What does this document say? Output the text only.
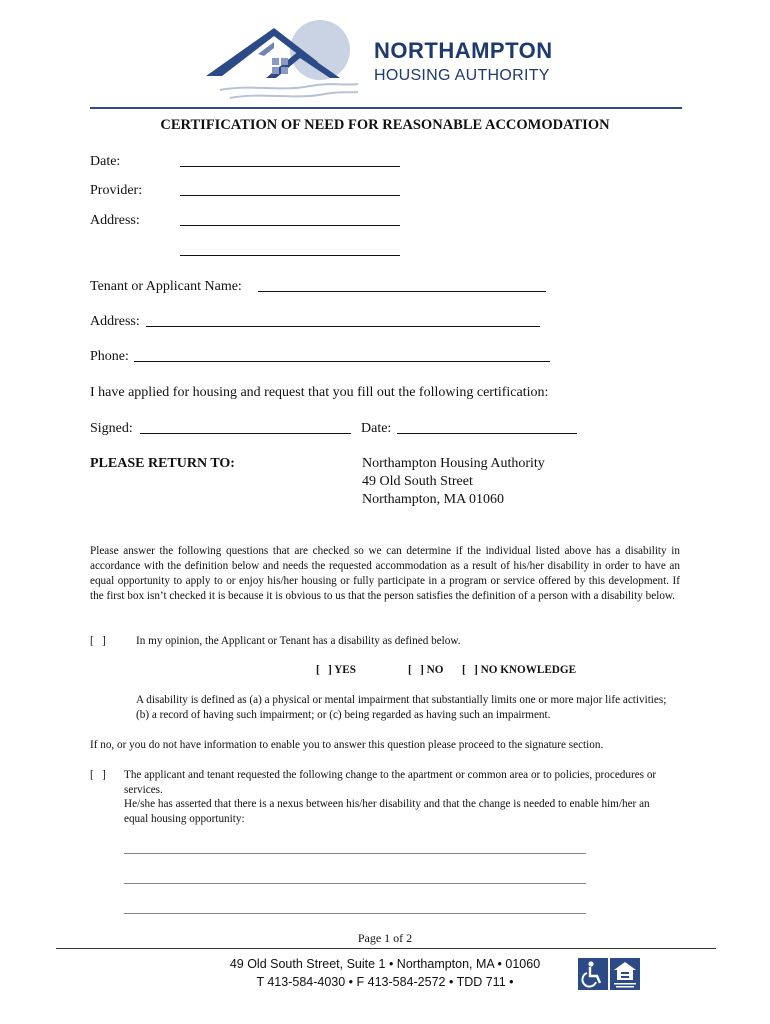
NORTHAMPTON
HOUSING AUTHORITY
CERTIFICATION OF NEED FOR REASONABLE ACCOMODATION
Date:
Provider:
Address:
Tenant or Applicant Name:
Address:
Phone:
I have applied for housing and request that you fill out the following certification:
Signed:	Date:
PLEASE RETURN TO:	Northampton Housing Authority
49 Old South Street
Northampton, MA 01060
Please answer the following questions that are checked so we can determine if the individual listed above has a disability in accordance with the definition below and needs the requested accommodation as a result of his/her disability in order to have an equal opportunity to apply to or enjoy his/her housing or fully participate in a program or service offered by this development. If the first box isn’t checked it is because it is obvious to us that the person satisfies the definition of a person with a disability below.
[   ]	In my opinion, the Applicant or Tenant has a disability as defined below.
[   ] YES	[   ] NO [   ] NO KNOWLEDGE
A disability is defined as (a) a physical or mental impairment that substantially limits one or more major life activities; (b) a record of having such impairment; or (c) being regarded as having such an impairment.
If no, or you do not have information to enable you to answer this question please proceed to the signature section.
[   ] The applicant and tenant requested the following change to the apartment or common area or to policies, procedures or services.
He/she has asserted that there is a nexus between his/her disability and that the change is needed to enable him/her an equal housing opportunity:
____________________________________________________________________________________
____________________________________________________________________________________
____________________________________________________________________________________
Page 1 of 2
49 Old South Street, Suite 1 • Northampton, MA • 01060
T 413-584-4030 • F 413-584-2572 • TDD 711 •
